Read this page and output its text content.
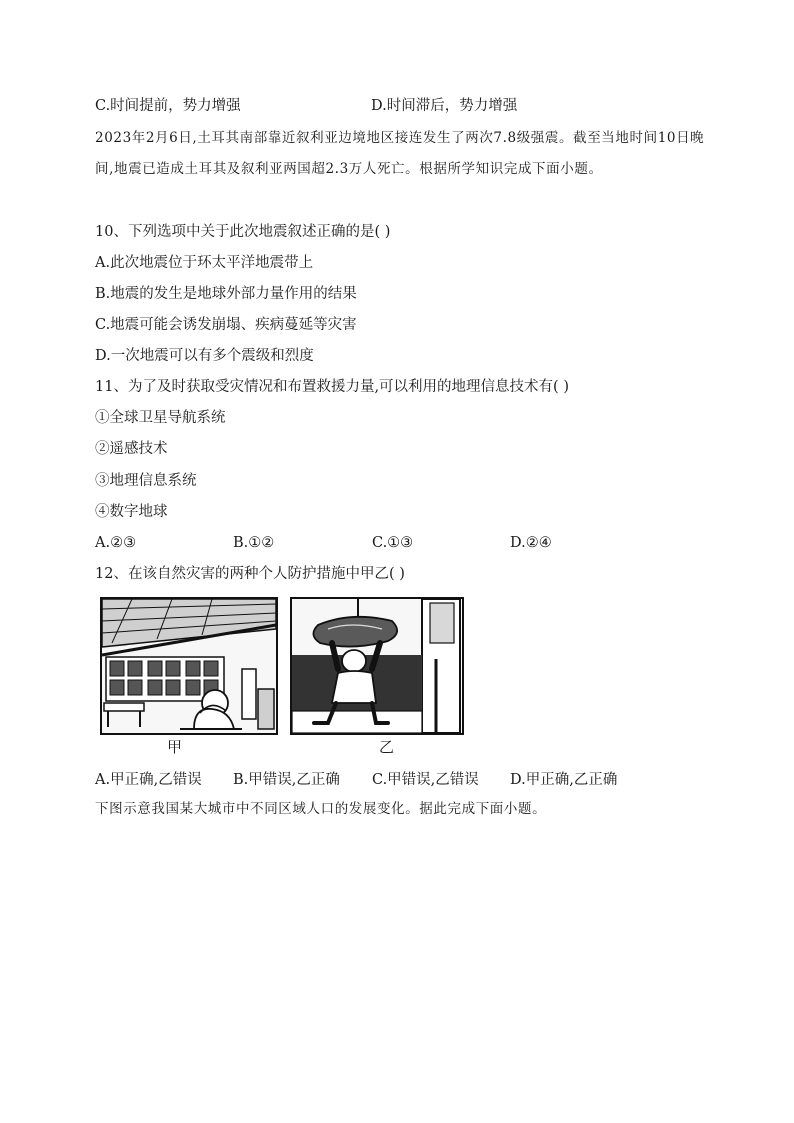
C.时间提前，势力增强	D.时间滞后，势力增强
2023年2月6日,土耳其南部靠近叙利亚边境地区接连发生了两次7.8级强震。截至当地时间10日晚间,地震已造成土耳其及叙利亚两国超2.3万人死亡。根据所学知识完成下面小题。
10、下列选项中关于此次地震叙述正确的是( )
A.此次地震位于环太平洋地震带上
B.地震的发生是地球外部力量作用的结果
C.地震可能会诱发崩塌、疾病蔓延等灾害
D.一次地震可以有多个震级和烈度
11、为了及时获取受灾情况和布置救援力量,可以利用的地理信息技术有( )
①全球卫星导航系统
②遥感技术
③地理信息系统
④数字地球
A.②③	B.①②	C.①③	D.②④
12、在该自然灾害的两种个人防护措施中甲乙( )
甲	乙
A.甲正确,乙错误 B.甲错误,乙正确 C.甲错误,乙错误 D.甲正确,乙正确
下图示意我国某大城市中不同区域人口的发展变化。据此完成下面小题。
